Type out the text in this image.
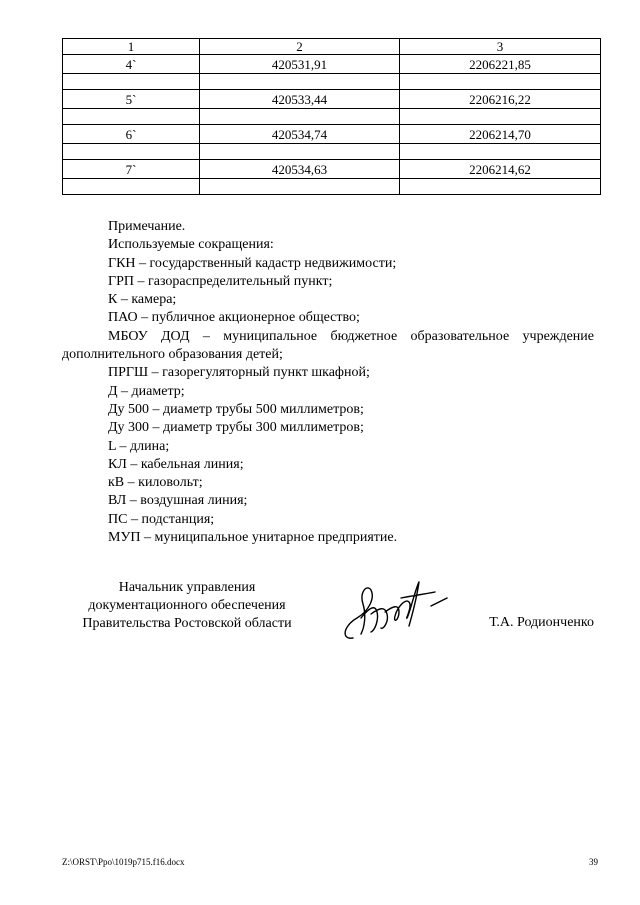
1	2	3
4`	420531,91	2206221,85

5`	420533,44	2206216,22

6`	420534,74	2206214,70

7`	420534,63	2206214,62

Примечание.
Используемые сокращения:
ГКН – государственный кадастр недвижимости;
ГРП – газораспределительный пункт;
К – камера;
ПАО – публичное акционерное общество;
МБОУ ДОД – муниципальное бюджетное образовательное учреждение
дополнительного образования детей;
ПРГШ – газорегуляторный пункт шкафной;
Д – диаметр;
Ду 500 – диаметр трубы 500 миллиметров;
Ду 300 – диаметр трубы 300 миллиметров;
L – длина;
КЛ – кабельная линия;
кВ – киловольт;
ВЛ – воздушная линия;
ПС – подстанция;
МУП – муниципальное унитарное предприятие.
Начальник управления
документационного обеспечения
Правительства Ростовской области	Т.А. Родионченко
Z:\ORST\Ppo\1019p715.f16.docx	39
